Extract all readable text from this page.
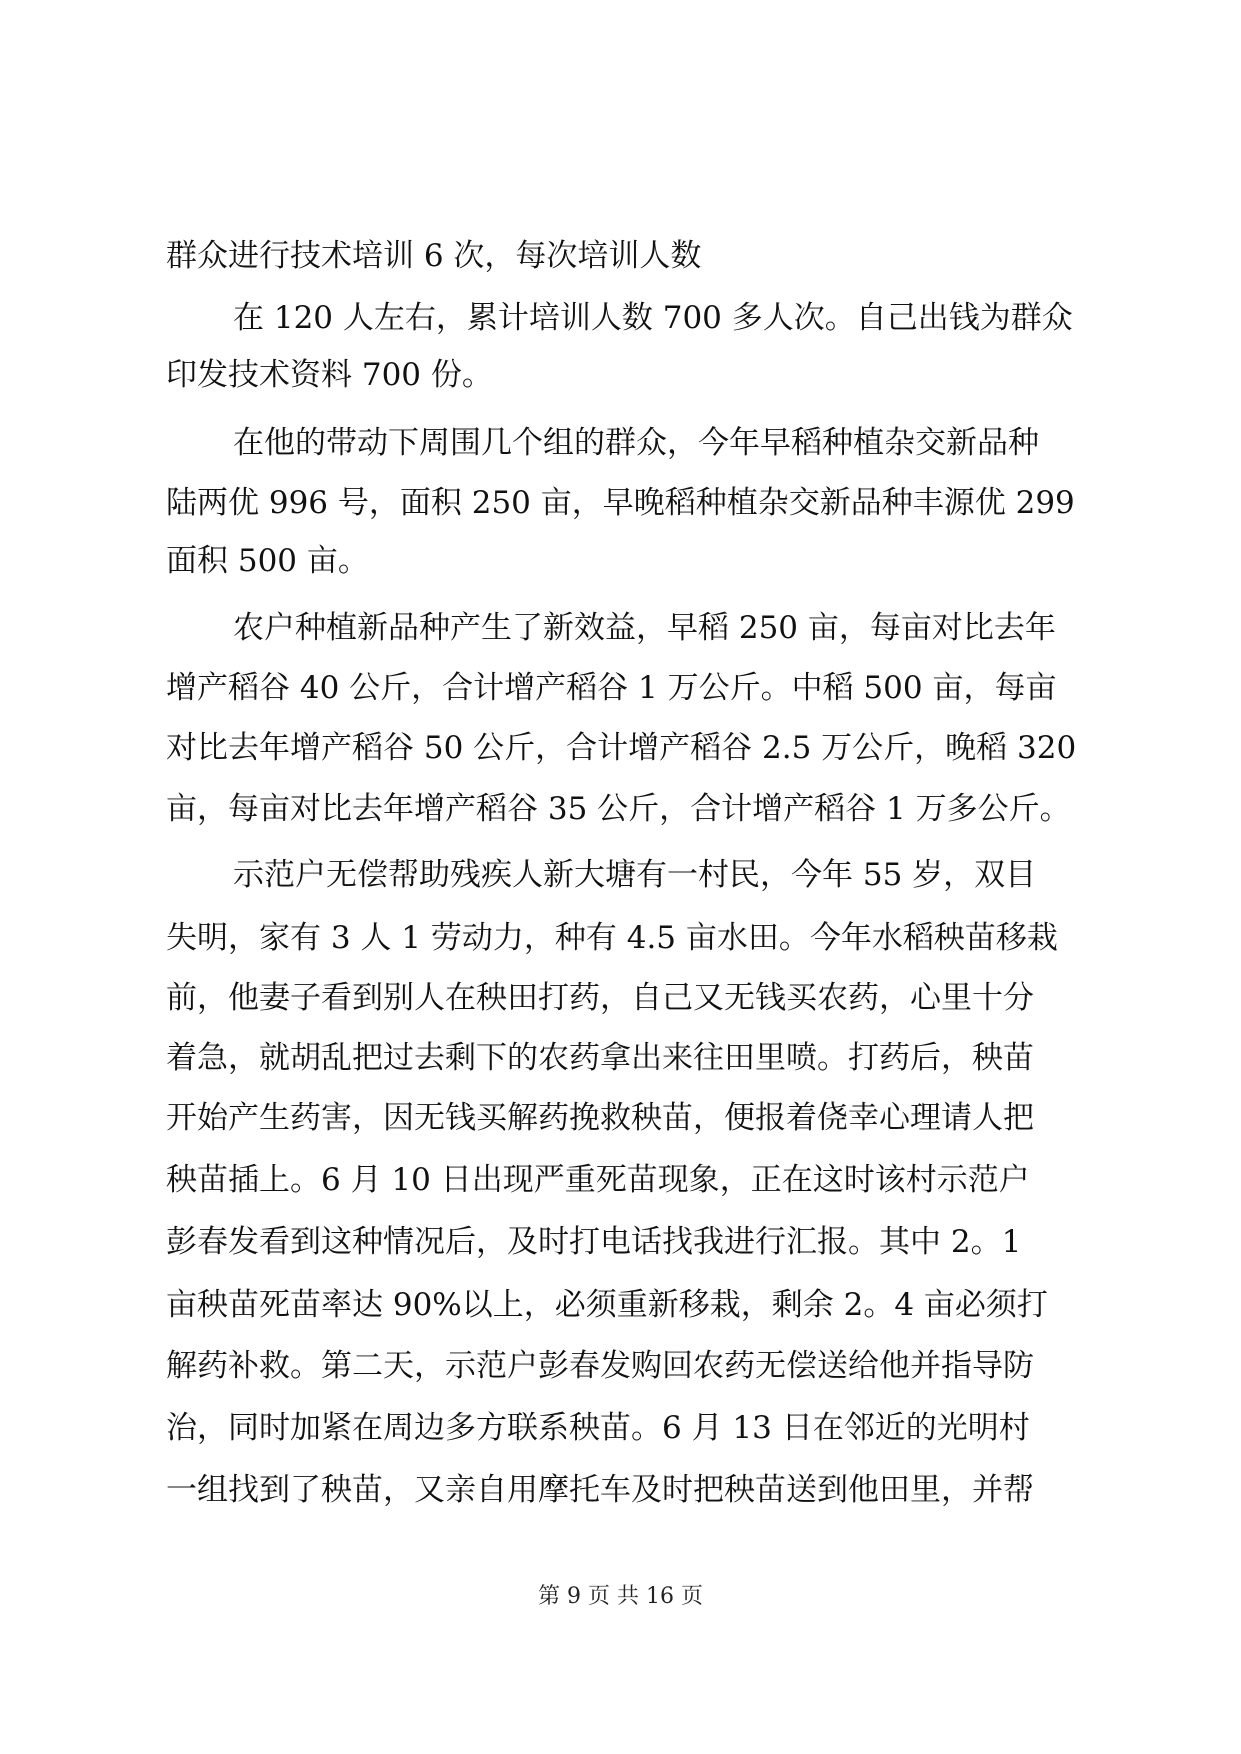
群众进行技术培训 6 次，每次培训人数
在 120 人左右，累计培训人数 700 多人次。自己出钱为群众
印发技术资料 700 份。
在他的带动下周围几个组的群众，今年早稻种植杂交新品种
陆两优 996 号，面积 250 亩，早晚稻种植杂交新品种丰源优 299
面积 500 亩。
农户种植新品种产生了新效益，早稻 250 亩，每亩对比去年
增产稻谷 40 公斤，合计增产稻谷 1 万公斤。中稻 500 亩，每亩
对比去年增产稻谷 50 公斤，合计增产稻谷 2.5 万公斤，晚稻 320
亩，每亩对比去年增产稻谷 35 公斤，合计增产稻谷 1 万多公斤。
示范户无偿帮助残疾人新大塘有一村民，今年 55 岁，双目
失明，家有 3 人 1 劳动力，种有 4.5 亩水田。今年水稻秧苗移栽
前，他妻子看到别人在秧田打药，自己又无钱买农药，心里十分
着急，就胡乱把过去剩下的农药拿出来往田里喷。打药后，秧苗
开始产生药害，因无钱买解药挽救秧苗，便报着侥幸心理请人把
秧苗插上。6 月 10 日出现严重死苗现象，正在这时该村示范户
彭春发看到这种情况后，及时打电话找我进行汇报。其中 2。1
亩秧苗死苗率达 90%以上，必须重新移栽，剩余 2。4 亩必须打
解药补救。第二天，示范户彭春发购回农药无偿送给他并指导防
治，同时加紧在周边多方联系秧苗。6 月 13 日在邻近的光明村
一组找到了秧苗，又亲自用摩托车及时把秧苗送到他田里，并帮
第 9 页 共 16 页
